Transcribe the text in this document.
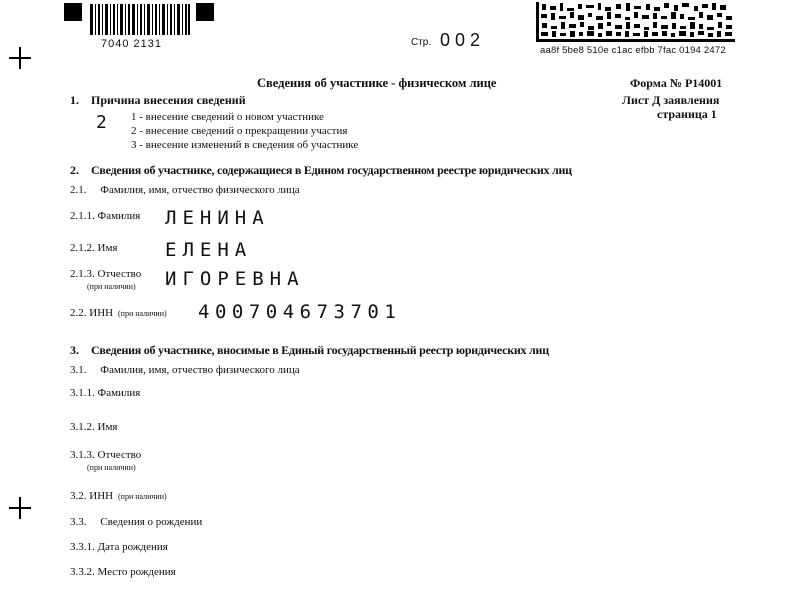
7040 2131	Стр. 002
aa8f 5be8 510e c1ac efbb 7fac 0194 2472
Сведения об участнике - физическом лице	Форма № Р14001
Лист Д заявления
страница 1
1. Причина внесения сведений
2 1 - внесение сведений о новом участнике
2 - внесение сведений о прекращении участия
3 - внесение изменений в сведения об участнике
2. Сведения об участнике, содержащиеся в Едином государственном реестре юридических лиц
2.1.     Фамилия, имя, отчество физического лица
2.1.1. Фамилия ЛЕНИНА
2.1.2. Имя	ЕЛЕНА
2.1.3. Отчество
(при наличии) ИГОРЕВНА
2.2. ИНН (при наличии) 400704673701
3. Сведения об участнике, вносимые в Единый государственный реестр юридических лиц
3.1.     Фамилия, имя, отчество физического лица
3.1.1. Фамилия
3.1.2. Имя
3.1.3. Отчество
(при наличии)
3.2. ИНН (при наличии)
3.3.     Сведения о рождении
3.3.1. Дата рождения
3.3.2. Место рождения
